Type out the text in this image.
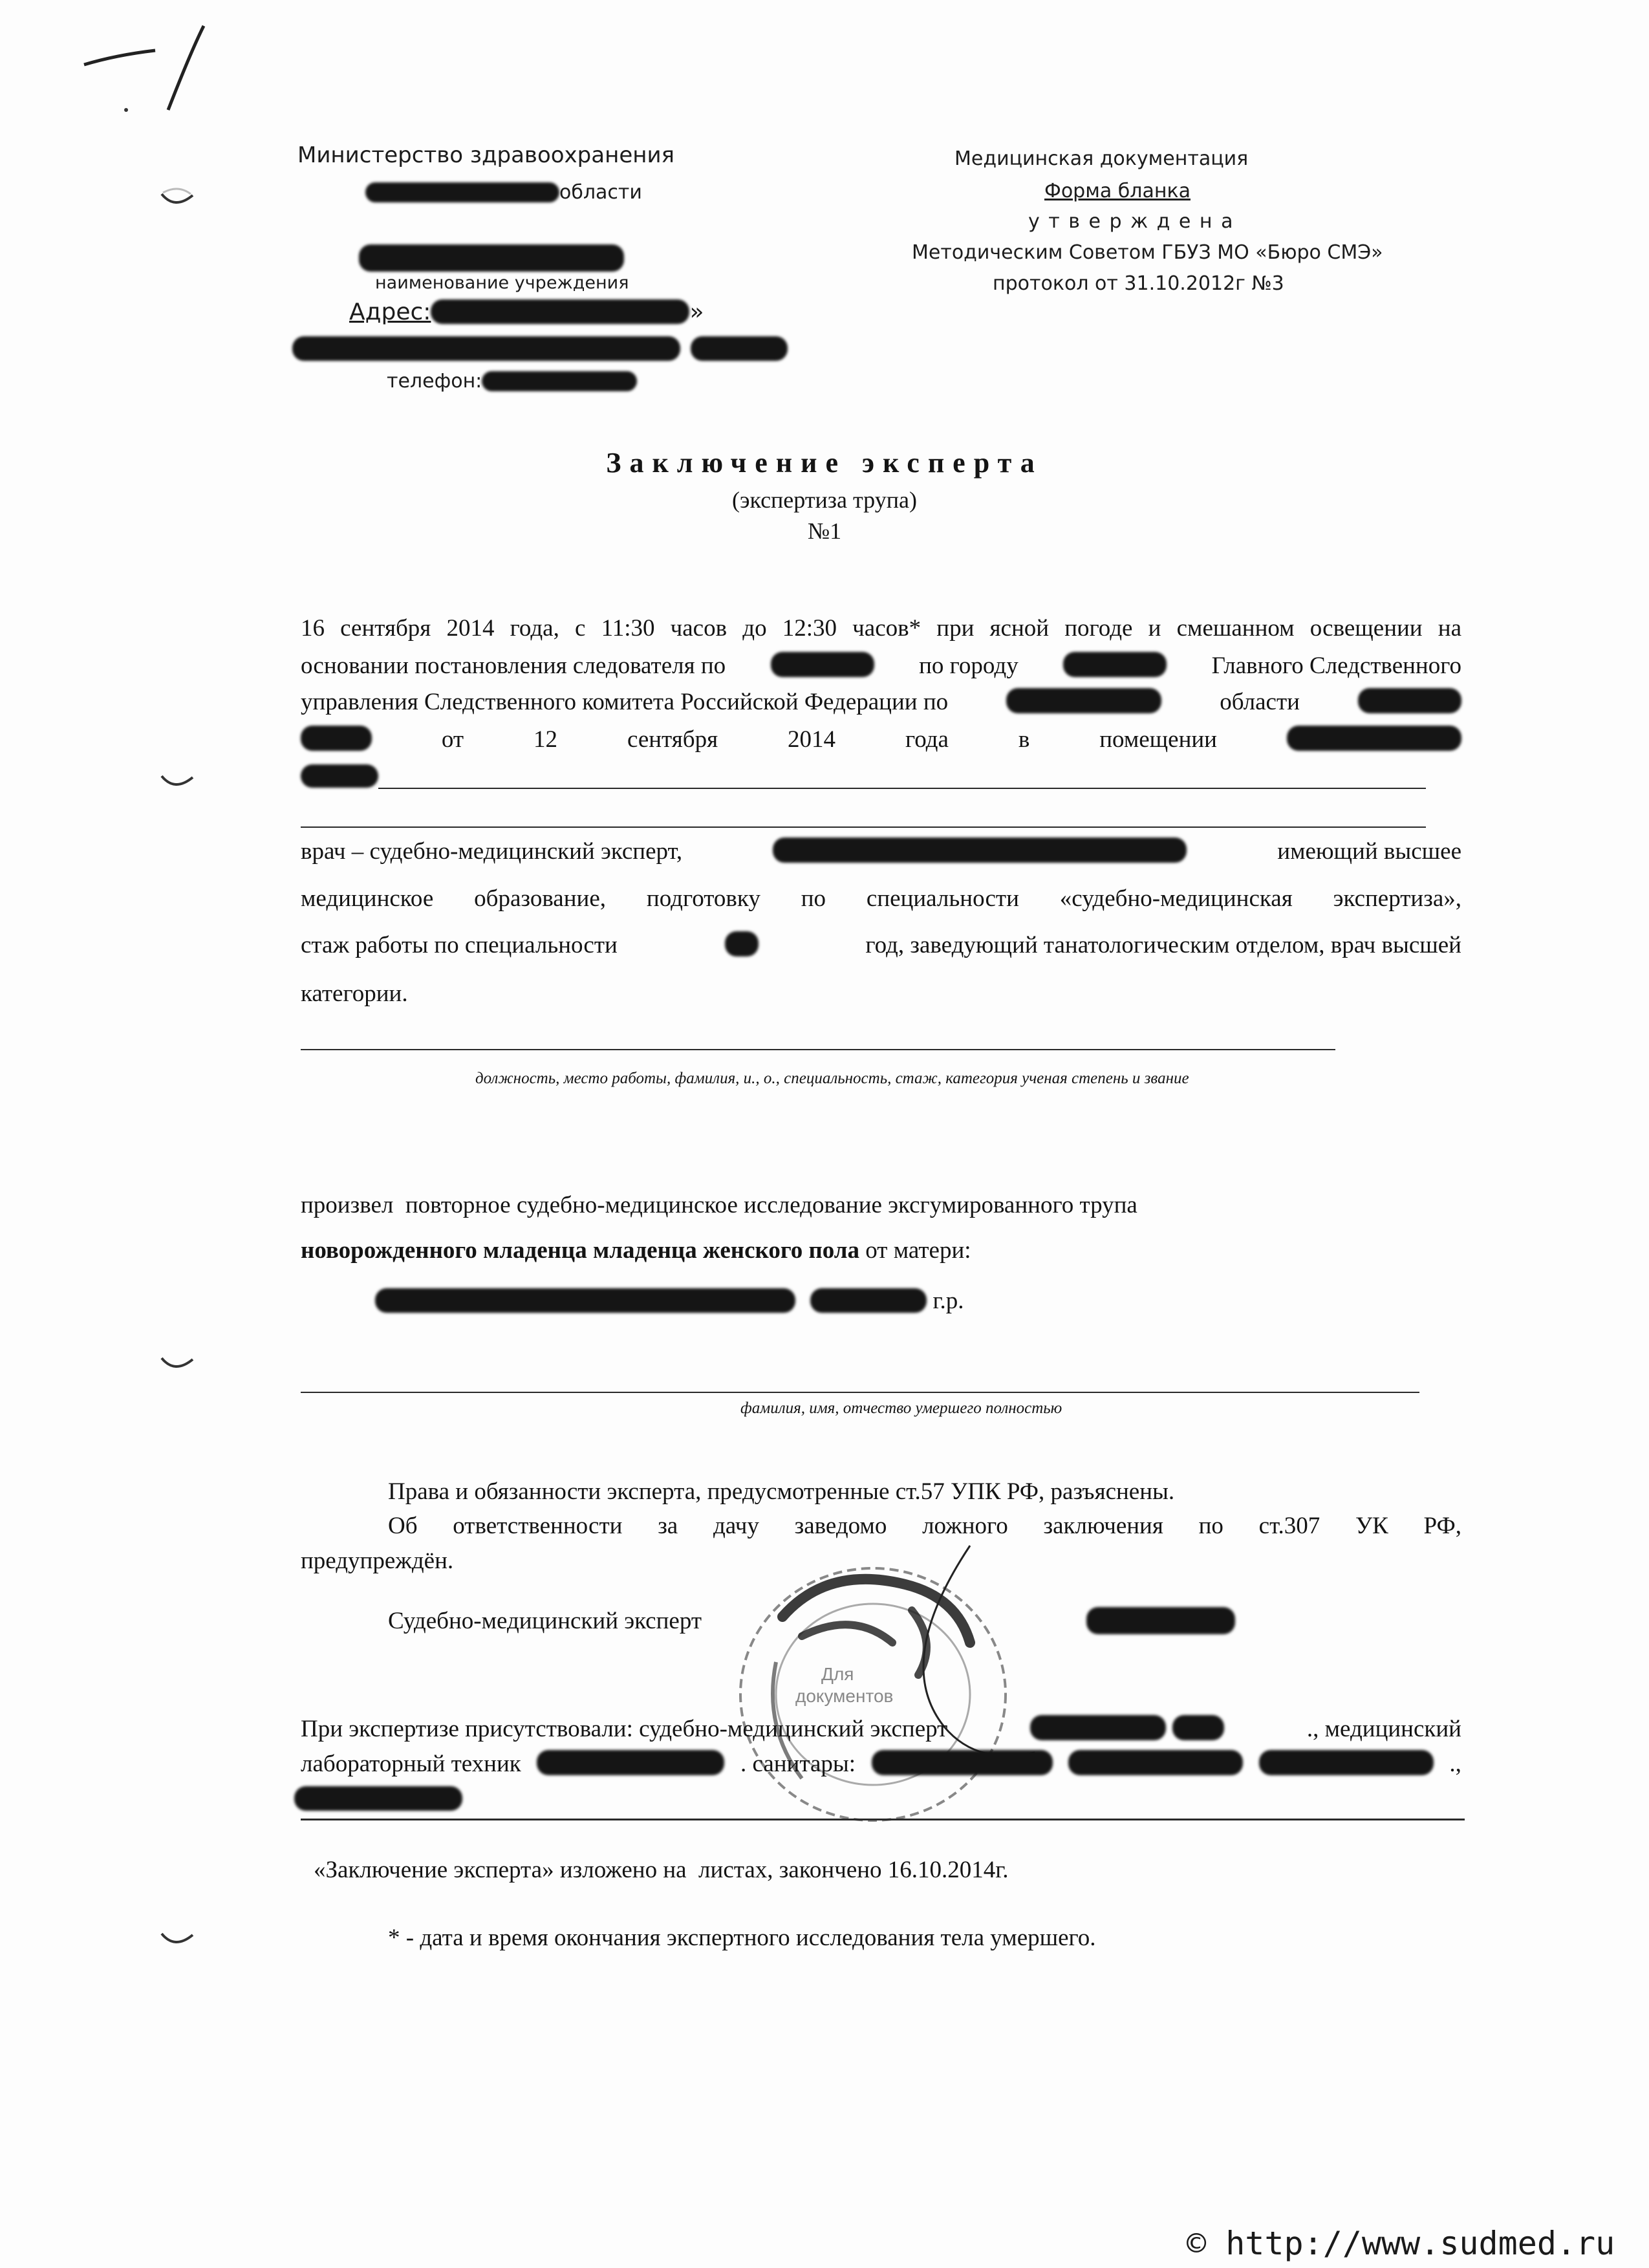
Министерство здравоохранения
области
наименование учреждения
Адрес:	»

телефон:
Медицинская документация
Форма бланка
у т в е р ж д е н а
Методическим Советом ГБУЗ МО «Бюро СМЭ»
протокол от 31.10.2012г №3
Заключение эксперта
(экспертиза трупа)
№1
16 сентября 2014 года, с 11:30 часов до 12:30 часов* при ясной погоде и смешанном освещении на
основании постановления следователя по	по городу	Главного Следственного
управления Следственного комитета Российской Федерации по	области
от	12	сентября	2014	года	в	помещении
врач – судебно-медицинский эксперт,	имеющий высшее
медицинское образование, подготовку по специальности «судебно-медицинская экспертиза»,
стаж работы по специальности	год, заведующий танатологическим отделом, врач высшей
категории.
должность, место работы, фамилия, и., о., специальность, стаж, категория ученая степень и звание
произвел  повторное судебно-медицинское исследование эксгумированного трупа
новорожденного младенца младенца женского пола от матери:
г.р.
фамилия, имя, отчество умершего полностью
Права и обязанности эксперта, предусмотренные ст.57 УПК РФ, разъяснены.
Об ответственности за дачу заведомо ложного заключения по ст.307 УК РФ,
предупреждён.
Судебно-медицинский эксперт
Для
документов
При экспертизе присутствовали: судебно-медицинский эксперт	., медицинский
лабораторный техник	. санитары:	.,
«Заключение эксперта» изложено на  листах, закончено 16.10.2014г.
* - дата и время окончания экспертного исследования тела умершего.
© http://www.sudmed.ru
